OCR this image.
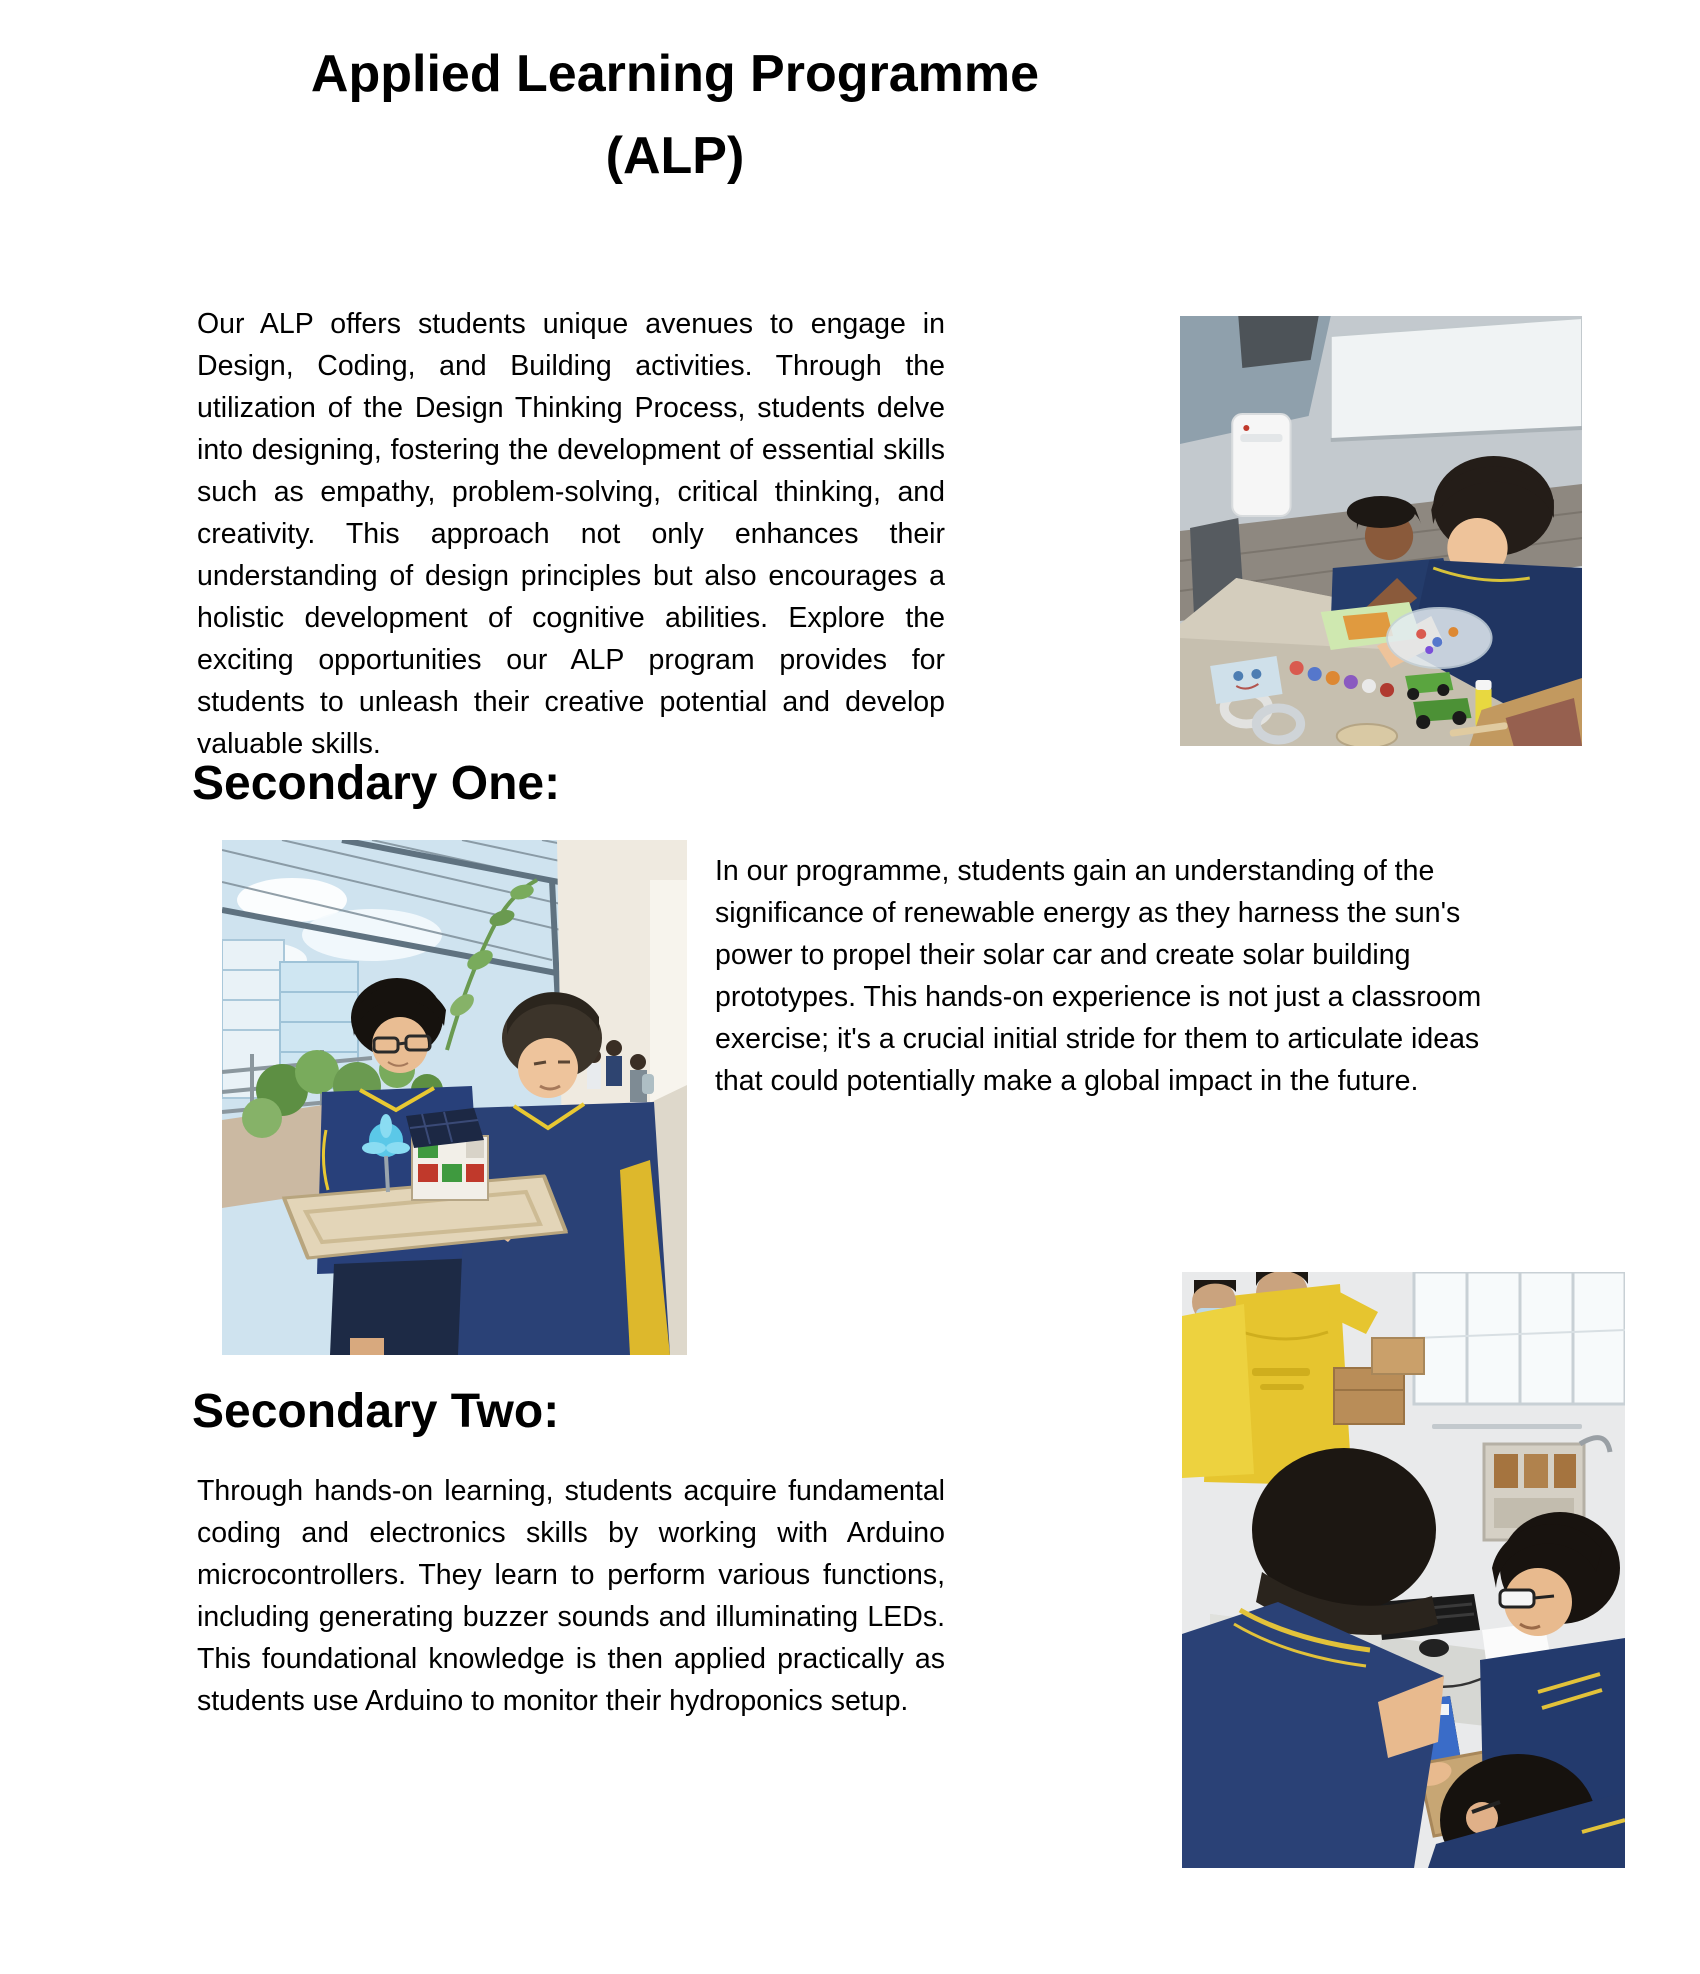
Applied Learning Programme
(ALP)

Our ALP offers students unique avenues to engage in Design, Coding, and Building activities. Through the utilization of the Design Thinking Process, students delve into designing, fostering the development of essential skills such as empathy, problem-solving, critical thinking, and creativity. This approach not only enhances their understanding of design principles but also encourages a holistic development of cognitive abilities. Explore the exciting opportunities our ALP program provides for students to unleash their creative potential and develop valuable skills.

Secondary One:

In our programme, students gain an understanding of the significance of renewable energy as they harness the sun's power to propel their solar car and create solar building prototypes. This hands-on experience is not just a classroom exercise; it's a crucial initial stride for them to articulate ideas that could potentially make a global impact in the future.

Secondary Two:

Through hands-on learning, students acquire fundamental coding and electronics skills by working with Arduino microcontrollers. They learn to perform various functions, including generating buzzer sounds and illuminating LEDs. This foundational knowledge is then applied practically as students use Arduino to monitor their hydroponics setup.
